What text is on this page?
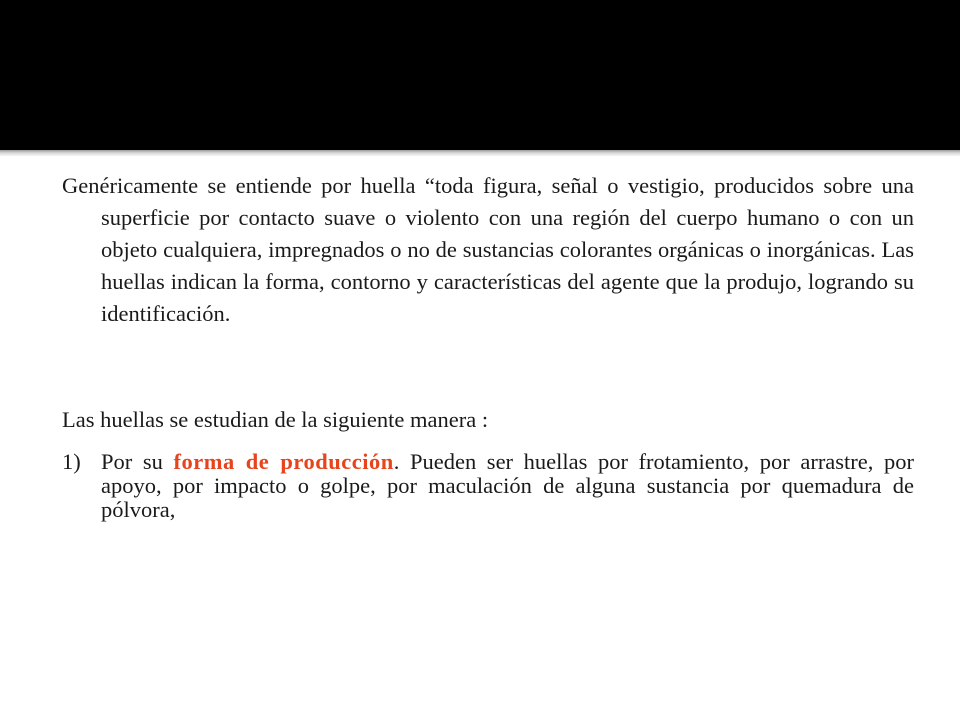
Genéricamente se entiende por huella “toda figura, señal o vestigio, producidos sobre una superficie por contacto suave o violento con una región del cuerpo humano o con un objeto cualquiera, impregnados o no de sustancias colorantes orgánicas o inorgánicas. Las huellas indican la forma, contorno y características del agente que la produjo, logrando su identificación.

Las huellas se estudian de la siguiente manera :

1) Por su forma de producción. Pueden ser huellas por frotamiento, por arrastre, por apoyo, por impacto o golpe, por maculación de alguna sustancia por quemadura de pólvora,
